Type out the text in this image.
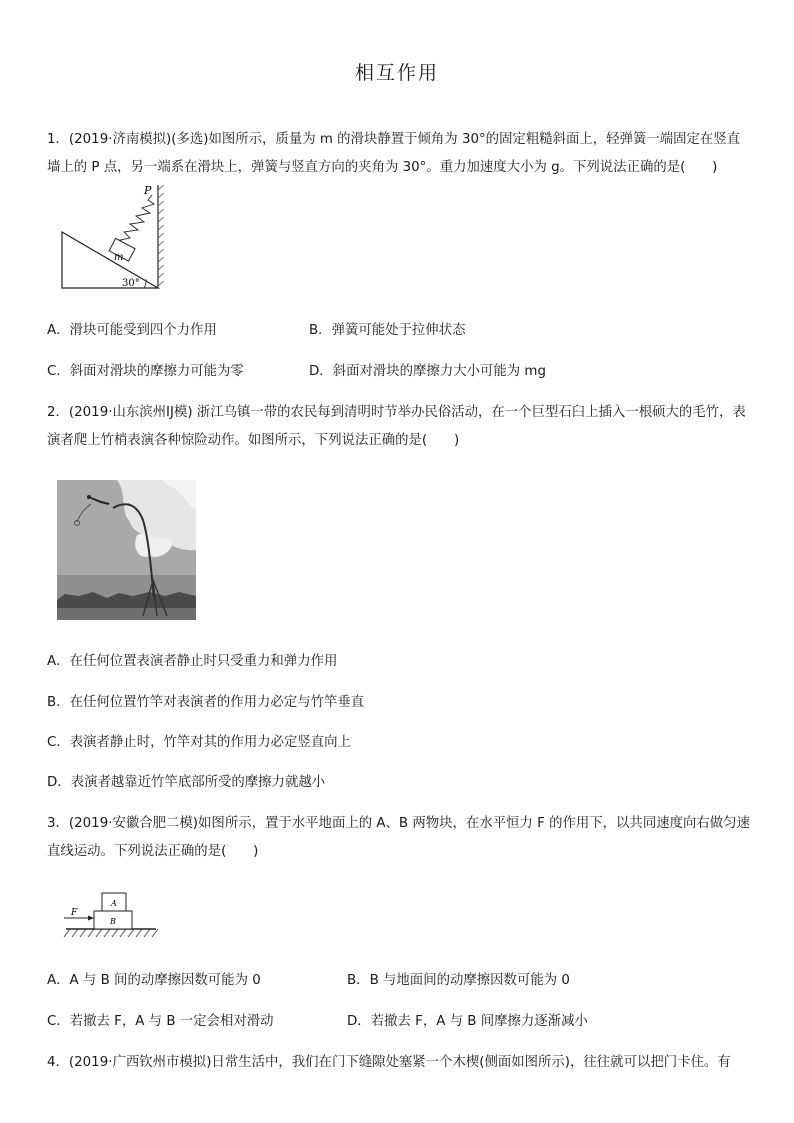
相互作用
1．(2019·济南模拟)(多选)如图所示，质量为 m 的滑块静置于倾角为 30°的固定粗糙斜面上，轻弹簧一端固定在竖直墙上的 P 点，另一端系在滑块上，弹簧与竖直方向的夹角为 30°。重力加速度大小为 g。下列说法正确的是(　　)
m
P
30°
A．滑块可能受到四个力作用	B．弹簧可能处于拉伸状态
C．斜面对滑块的摩擦力可能为零	D．斜面对滑块的摩擦力大小可能为 mg
2．(2019·山东滨州IJ模) 浙江乌镇一带的农民每到清明时节举办民俗活动，在一个巨型石臼上插入一根硕大的毛竹，表演者爬上竹梢表演各种惊险动作。如图所示，下列说法正确的是(　　)
A．在任何位置表演者静止时只受重力和弹力作用
B．在任何位置竹竿对表演者的作用力必定与竹竿垂直
C．表演者静止时，竹竿对其的作用力必定竖直向上
D．表演者越靠近竹竿底部所受的摩擦力就越小
3．(2019·安徽合肥二模)如图所示，置于水平地面上的 A、B 两物块，在水平恒力 F 的作用下，以共同速度向右做匀速直线运动。下列说法正确的是(　　)
F
A
B
A．A 与 B 间的动摩擦因数可能为 0	B．B 与地面间的动摩擦因数可能为 0
C．若撤去 F，A 与 B 一定会相对滑动	D．若撤去 F，A 与 B 间摩擦力逐渐减小
4．(2019·广西钦州市模拟)日常生活中，我们在门下缝隙处塞紧一个木楔(侧面如图所示)，往往就可以把门卡住。有
